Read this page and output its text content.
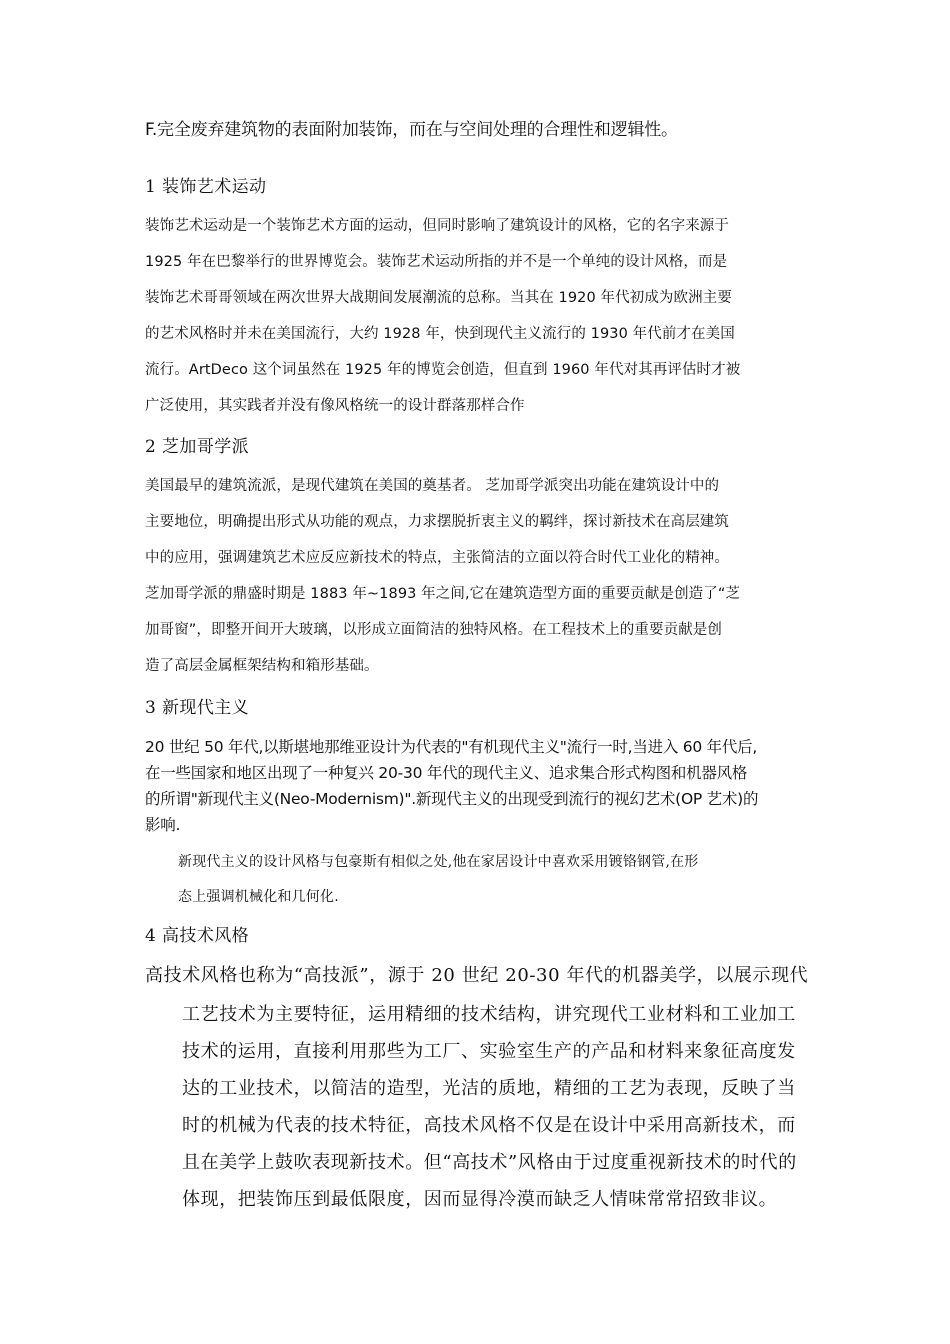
F.完全废弃建筑物的表面附加装饰，而在与空间处理的合理性和逻辑性。

1 装饰艺术运动

装饰艺术运动是一个装饰艺术方面的运动，但同时影响了建筑设计的风格，它的名字来源于

1925 年在巴黎举行的世界博览会。装饰艺术运动所指的并不是一个单纯的设计风格，而是

装饰艺术哥哥领域在两次世界大战期间发展潮流的总称。当其在 1920 年代初成为欧洲主要

的艺术风格时并未在美国流行，大约 1928 年，快到现代主义流行的 1930 年代前才在美国

流行。ArtDeco 这个词虽然在 1925 年的博览会创造，但直到 1960 年代对其再评估时才被

广泛使用，其实践者并没有像风格统一的设计群落那样合作

2 芝加哥学派

美国最早的建筑流派，是现代建筑在美国的奠基者。 芝加哥学派突出功能在建筑设计中的

主要地位，明确提出形式从功能的观点，力求摆脱折衷主义的羁绊，探讨新技术在高层建筑

中的应用，强调建筑艺术应反应新技术的特点，主张简洁的立面以符合时代工业化的精神。

芝加哥学派的鼎盛时期是 1883 年~1893 年之间,它在建筑造型方面的重要贡献是创造了“芝

加哥窗”，即整开间开大玻璃，以形成立面简洁的独特风格。在工程技术上的重要贡献是创

造了高层金属框架结构和箱形基础。

3 新现代主义

20 世纪 50 年代,以斯堪地那维亚设计为代表的"有机现代主义"流行一时,当进入 60 年代后,

在一些国家和地区出现了一种复兴 20-30 年代的现代主义、追求集合形式构图和机器风格

的所谓"新现代主义(Neo-Modernism)".新现代主义的出现受到流行的视幻艺术(OP 艺术)的

影响.

新现代主义的设计风格与包豪斯有相似之处,他在家居设计中喜欢采用镀铬钢管,在形

态上强调机械化和几何化.

4 高技术风格

高技术风格也称为“高技派”，源于 20 世纪 20-30 年代的机器美学，以展示现代

工艺技术为主要特征，运用精细的技术结构，讲究现代工业材料和工业加工

技术的运用，直接利用那些为工厂、实验室生产的产品和材料来象征高度发

达的工业技术，以简洁的造型，光洁的质地，精细的工艺为表现，反映了当

时的机械为代表的技术特征，高技术风格不仅是在设计中采用高新技术，而

且在美学上鼓吹表现新技术。但“高技术”风格由于过度重视新技术的时代的

体现，把装饰压到最低限度，因而显得冷漠而缺乏人情味常常招致非议。
